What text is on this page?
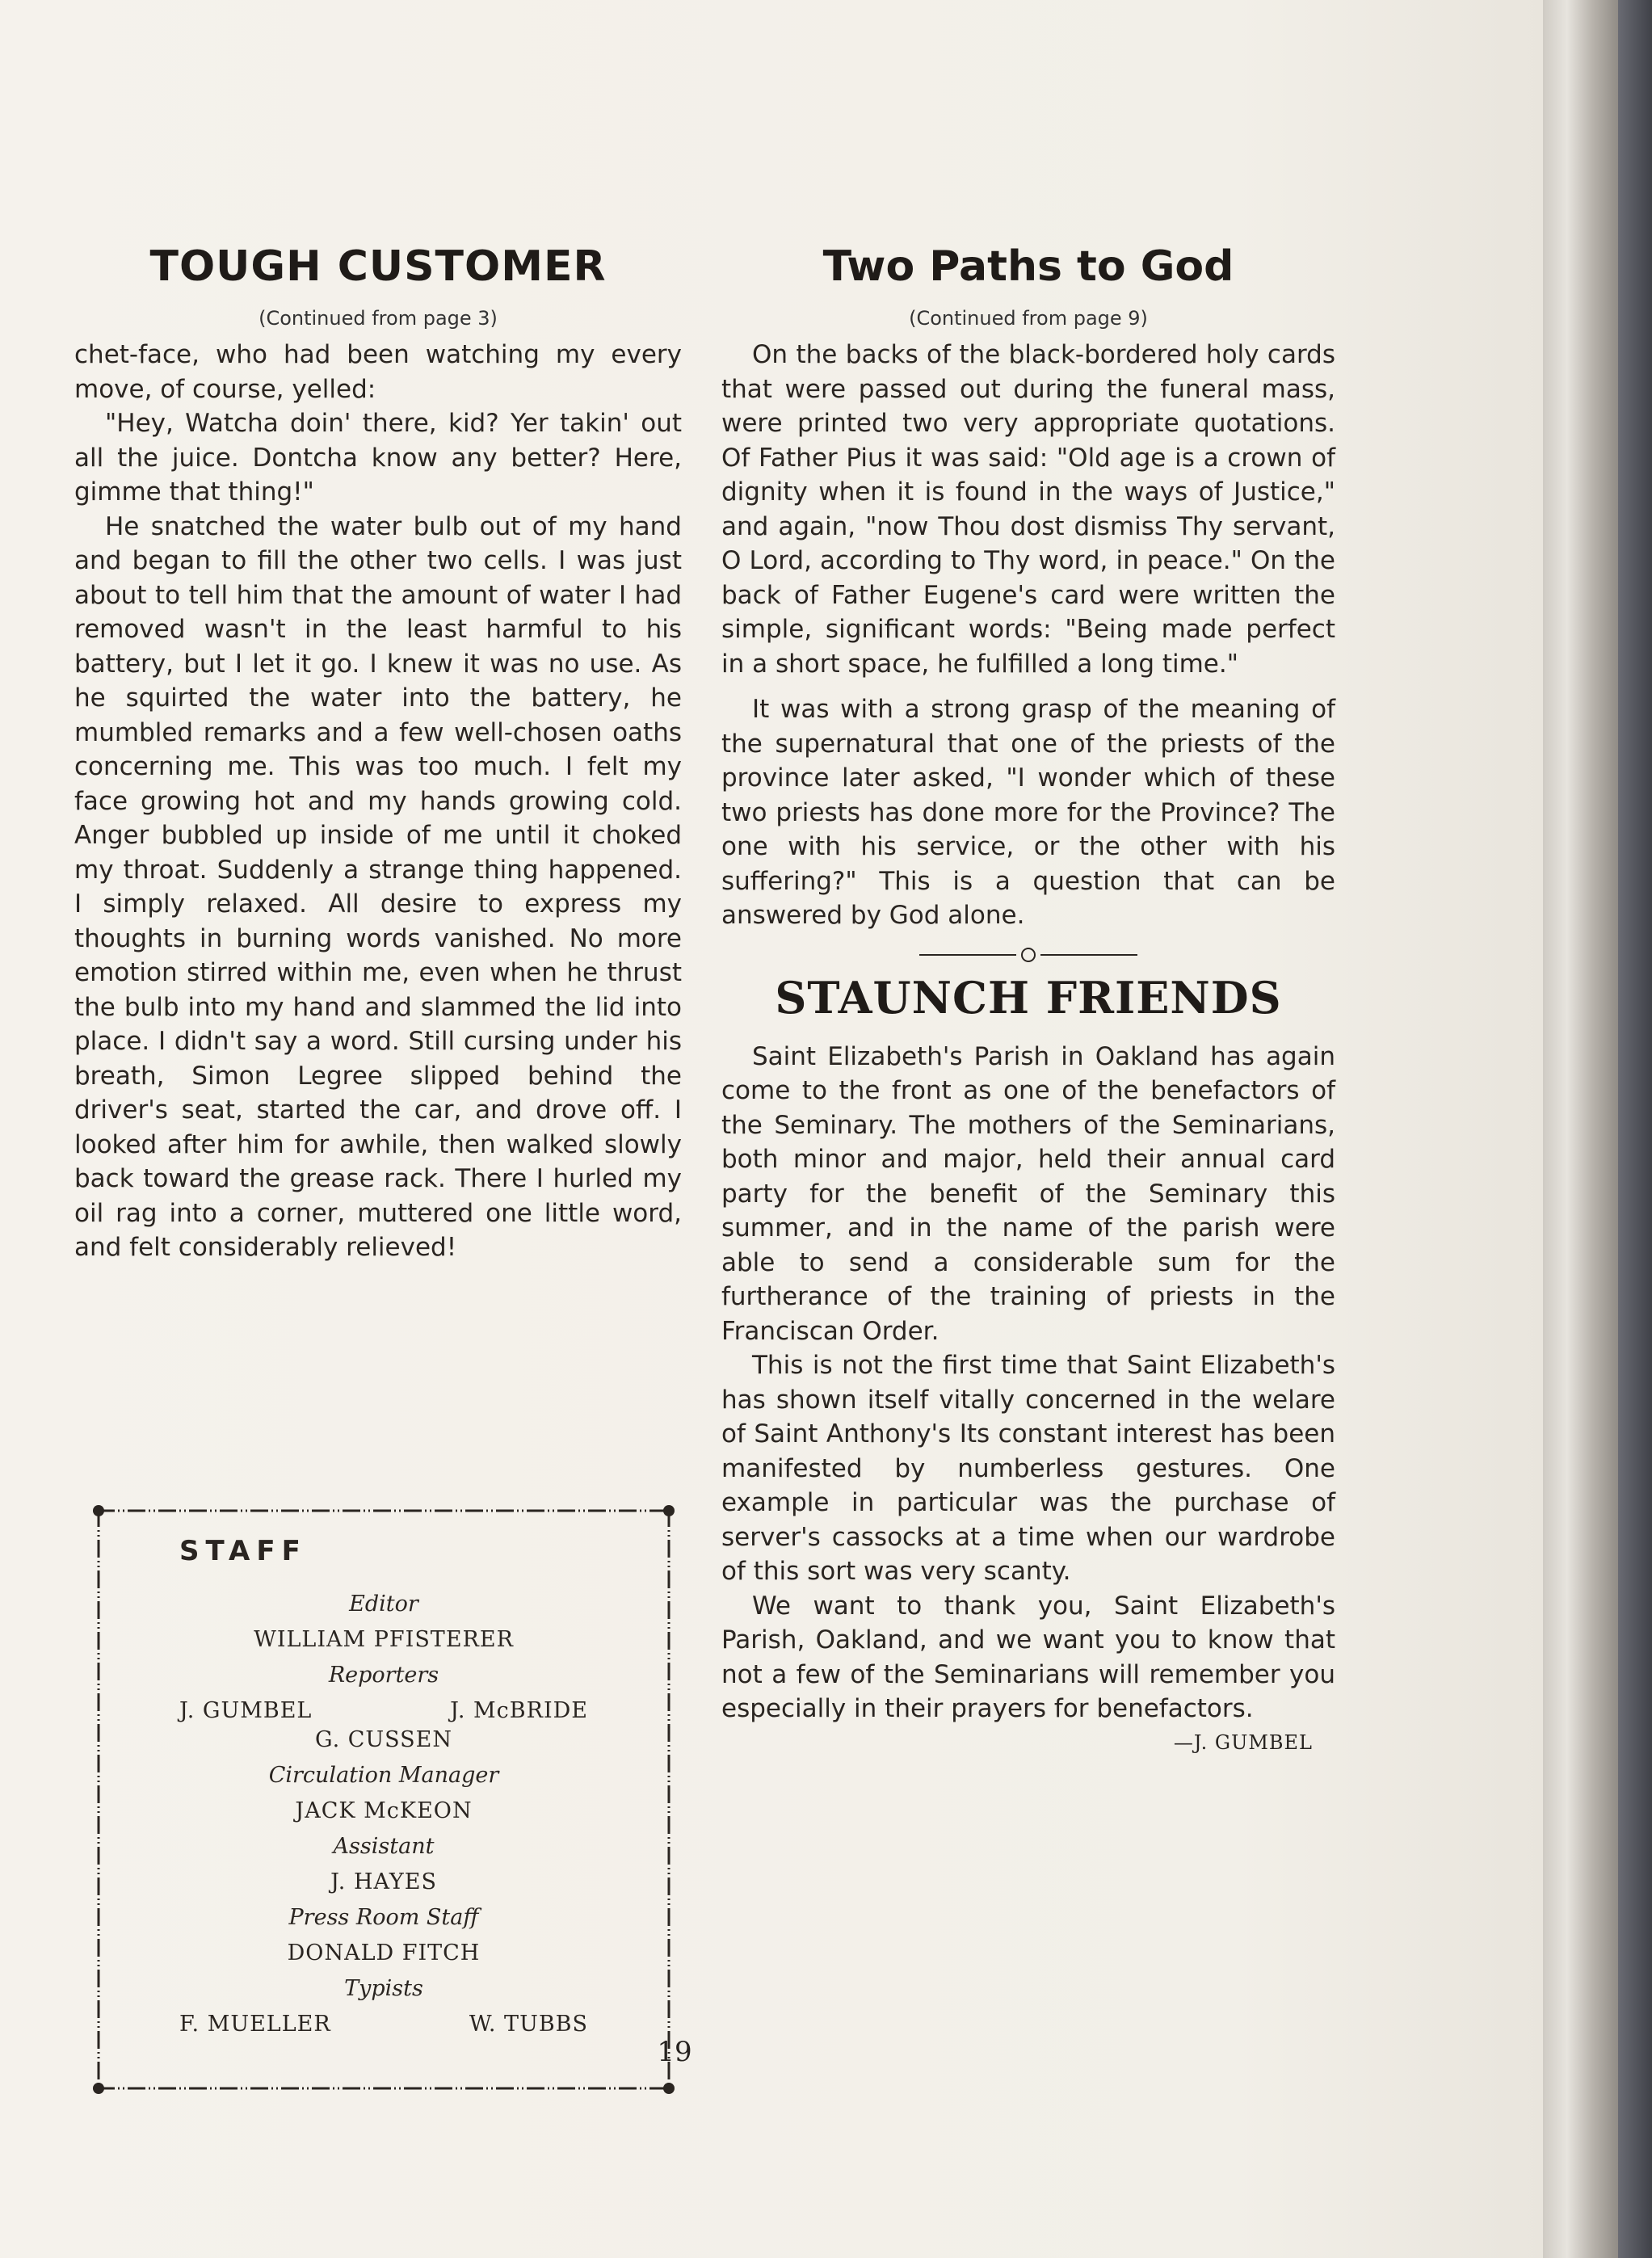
TOUGH CUSTOMER
(Continued from page 3)

chet-face, who had been watching my every move, of course, yelled:

"Hey, Watcha doin' there, kid? Yer takin' out all the juice. Dontcha know any better? Here, gimme that thing!"

He snatched the water bulb out of my hand and began to fill the other two cells. I was just about to tell him that the amount of water I had removed wasn't in the least harmful to his battery, but I let it go. I knew it was no use. As he squirted the water into the battery, he mumbled remarks and a few well-chosen oaths concerning me. This was too much. I felt my face growing hot and my hands growing cold. Anger bubbled up inside of me until it choked my throat. Suddenly a strange thing happened. I simply relaxed. All desire to express my thoughts in burning words vanished. No more emotion stirred within me, even when he thrust the bulb into my hand and slammed the lid into place. I didn't say a word. Still cursing under his breath, Simon Legree slipped behind the driver's seat, started the car, and drove off. I looked after him for awhile, then walked slowly back toward the grease rack. There I hurled my oil rag into a corner, muttered one little word, and felt considerably relieved!

STAFF

Editor

WILLIAM PFISTERER

Reporters

J. GUMBEL	J. McBRIDE

G. CUSSEN

Circulation Manager

JACK McKEON

Assistant

J. HAYES

Press Room Staff

DONALD FITCH

Typists

F. MUELLER	W. TUBBS
Two Paths to God
(Continued from page 9)

On the backs of the black-bordered holy cards that were passed out during the funeral mass, were printed two very appropriate quotations. Of Father Pius it was said: "Old age is a crown of dignity when it is found in the ways of Justice," and again, "now Thou dost dismiss Thy servant, O Lord, according to Thy word, in peace." On the back of Father Eugene's card were written the simple, significant words: "Being made perfect in a short space, he fulfilled a long time."

It was with a strong grasp of the meaning of the supernatural that one of the priests of the province later asked, "I wonder which of these two priests has done more for the Province? The one with his service, or the other with his suffering?" This is a question that can be answered by God alone.

STAUNCH FRIENDS

Saint Elizabeth's Parish in Oakland has again come to the front as one of the benefactors of the Seminary. The mothers of the Seminarians, both minor and major, held their annual card party for the benefit of the Seminary this summer, and in the name of the parish were able to send a considerable sum for the furtherance of the training of priests in the Franciscan Order.

This is not the first time that Saint Elizabeth's has shown itself vitally concerned in the welare of Saint Anthony's Its constant interest has been manifested by numberless gestures. One example in particular was the purchase of server's cassocks at a time when our wardrobe of this sort was very scanty.

We want to thank you, Saint Elizabeth's Parish, Oakland, and we want you to know that not a few of the Seminarians will remember you especially in their prayers for benefactors.

—J. GUMBEL
19
